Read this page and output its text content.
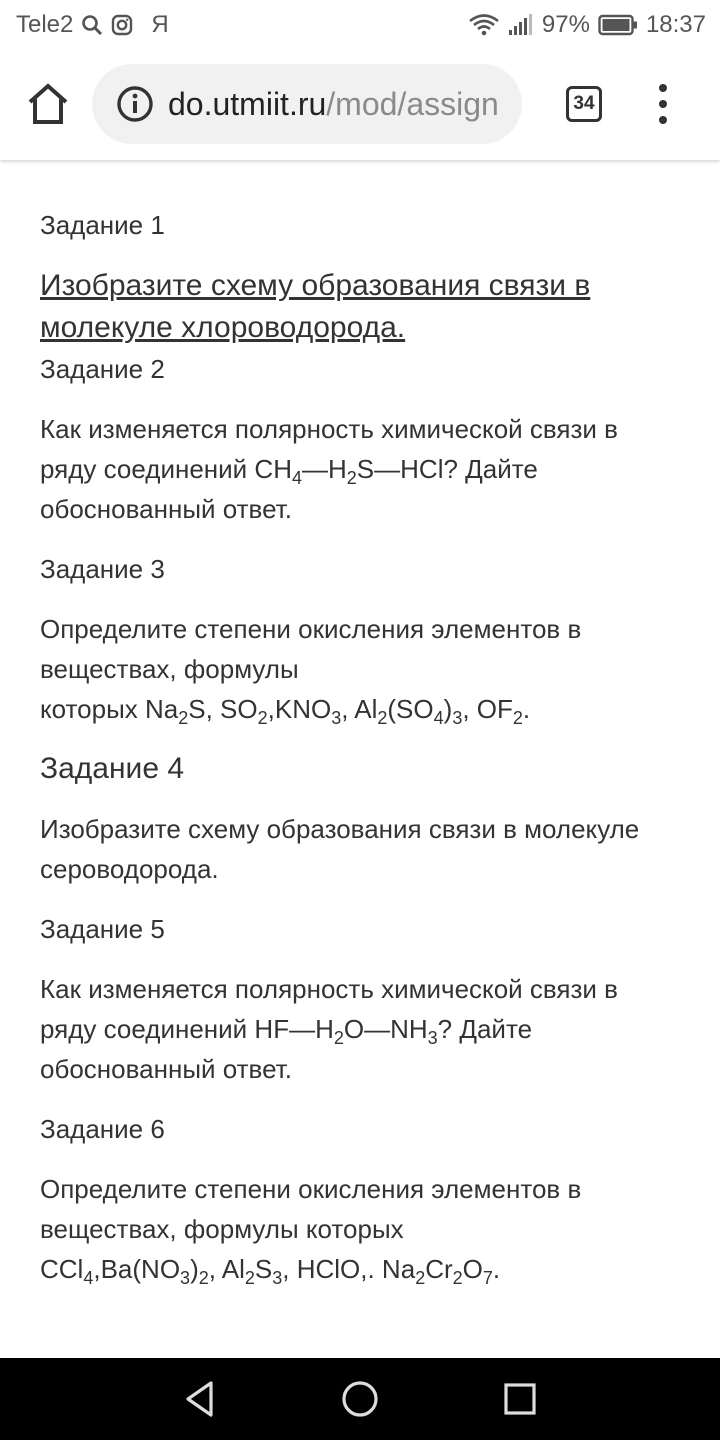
Tele2	Я	97% 18:37
do.utmiit.ru/mod/assign	34
Задание 1
Изобразите схему образования связи в молекуле хлороводорода.
Задание 2
Как изменяется полярность химической связи в ряду соединений $CH_4—H_2S—HCl$? Дайте обоснованный ответ.
Задание 3
Определите степени окисления элементов в веществах, формулы
которых $Na_2S$, $SO_2,KNO_3$, $Al_2(SO_4)_3$, $OF_2$.
Задание 4
Изобразите схему образования связи в молекуле сероводорода.
Задание 5
Как изменяется полярность химической связи в ряду соединений $HF—H_2O—NH_3$? Дайте обоснованный ответ.
Задание 6
Определите степени окисления элементов в веществах, формулы которых
$CCl_4,Ba(NO_3)_2$, $Al_2S_3$, HClO,. $Na_2Cr_2O_7$.
